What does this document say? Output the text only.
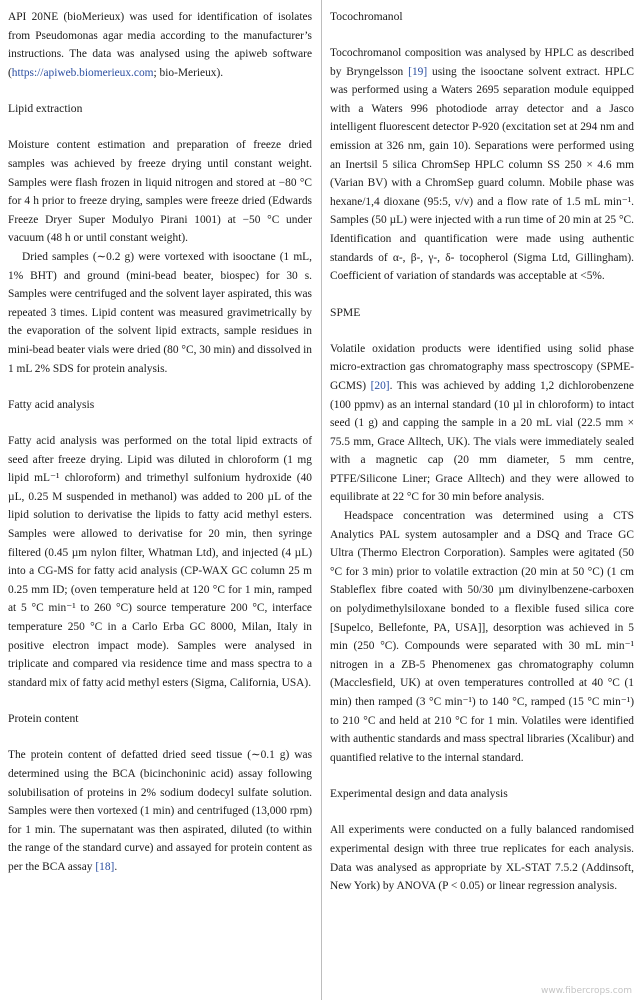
API 20NE (bioMerieux) was used for identification of isolates from Pseudomonas agar media according to the manufacturer’s instructions. The data was analysed using the apiweb software (https://apiweb.biomerieux.com; bio-Merieux).

Lipid extraction

Moisture content estimation and preparation of freeze dried samples was achieved by freeze drying until constant weight. Samples were flash frozen in liquid nitrogen and stored at −80 °C for 4 h prior to freeze drying, samples were freeze dried (Edwards Freeze Dryer Super Modulyo Pirani 1001) at −50 °C under vacuum (48 h or until constant weight).

Dried samples (∼0.2 g) were vortexed with isooctane (1 mL, 1% BHT) and ground (mini-bead beater, biospec) for 30 s. Samples were centrifuged and the solvent layer aspirated, this was repeated 3 times. Lipid content was measured gravimetrically by the evaporation of the solvent lipid extracts, sample residues in mini-bead beater vials were dried (80 °C, 30 min) and dissolved in 1 mL 2% SDS for protein analysis.

Fatty acid analysis

Fatty acid analysis was performed on the total lipid extracts of seed after freeze drying. Lipid was diluted in chloroform (1 mg lipid mL⁻¹ chloroform) and trimethyl sulfonium hydroxide (40 µL, 0.25 M suspended in methanol) was added to 200 µL of the lipid solution to derivatise the lipids to fatty acid methyl esters. Samples were allowed to derivatise for 20 min, then syringe filtered (0.45 µm nylon filter, Whatman Ltd), and injected (4 µL) into a CG-MS for fatty acid analysis (CP-WAX GC column 25 m 0.25 mm ID; (oven temperature held at 120 °C for 1 min, ramped at 5 °C min⁻¹ to 260 °C) source temperature 200 °C, interface temperature 250 °C in a Carlo Erba GC 8000, Milan, Italy in positive electron impact mode). Samples were analysed in triplicate and compared via residence time and mass spectra to a standard mix of fatty acid methyl esters (Sigma, California, USA).

Protein content

The protein content of defatted dried seed tissue (∼0.1 g) was determined using the BCA (bicinchoninic acid) assay following solubilisation of proteins in 2% sodium dodecyl sulfate solution. Samples were then vortexed (1 min) and centrifuged (13,000 rpm) for 1 min. The supernatant was then aspirated, diluted (to within the range of the standard curve) and assayed for protein content as per the BCA assay [18].

Tocochromanol

Tocochromanol composition was analysed by HPLC as described by Bryngelsson [19] using the isooctane solvent extract. HPLC was performed using a Waters 2695 separation module equipped with a Waters 996 photodiode array detector and a Jasco intelligent fluorescent detector P-920 (excitation set at 294 nm and emission at 326 nm, gain 10). Separations were performed using an Inertsil 5 silica ChromSep HPLC column SS 250 × 4.6 mm (Varian BV) with a ChromSep guard column. Mobile phase was hexane/1,4 dioxane (95:5, v/v) and a flow rate of 1.5 mL min⁻¹. Samples (50 µL) were injected with a run time of 20 min at 25 °C. Identification and quantification were made using authentic standards of α-, β-, γ-, δ- tocopherol (Sigma Ltd, Gillingham). Coefficient of variation of standards was acceptable at <5%.

SPME

Volatile oxidation products were identified using solid phase micro-extraction gas chromatography mass spectroscopy (SPME-GCMS) [20]. This was achieved by adding 1,2 dichlorobenzene (100 ppmv) as an internal standard (10 µl in chloroform) to intact seed (1 g) and capping the sample in a 20 mL vial (22.5 mm × 75.5 mm, Grace Alltech, UK). The vials were immediately sealed with a magnetic cap (20 mm diameter, 5 mm centre, PTFE/Silicone Liner; Grace Alltech) and they were allowed to equilibrate at 22 °C for 30 min before analysis.

Headspace concentration was determined using a CTS Analytics PAL system autosampler and a DSQ and Trace GC Ultra (Thermo Electron Corporation). Samples were agitated (50 °C for 3 min) prior to volatile extraction (20 min at 50 °C) (1 cm Stableflex fibre coated with 50/30 µm divinylbenzene-carboxen on polydimethylsiloxane bonded to a flexible fused silica core [Supelco, Bellefonte, PA, USA]], desorption was achieved in 5 min (250 °C). Compounds were separated with 30 mL min⁻¹ nitrogen in a ZB-5 Phenomenex gas chromatography column (Macclesfield, UK) at oven temperatures controlled at 40 °C (1 min) then ramped (3 °C min⁻¹) to 140 °C, ramped (15 °C min⁻¹) to 210 °C and held at 210 °C for 1 min. Volatiles were identified with authentic standards and mass spectral libraries (Xcalibur) and quantified relative to the internal standard.

Experimental design and data analysis

All experiments were conducted on a fully balanced randomised experimental design with three true replicates for each analysis. Data was analysed as appropriate by XL-STAT 7.5.2 (Addinsoft, New York) by ANOVA (P < 0.05) or linear regression analysis.

www.fibercrops.com
